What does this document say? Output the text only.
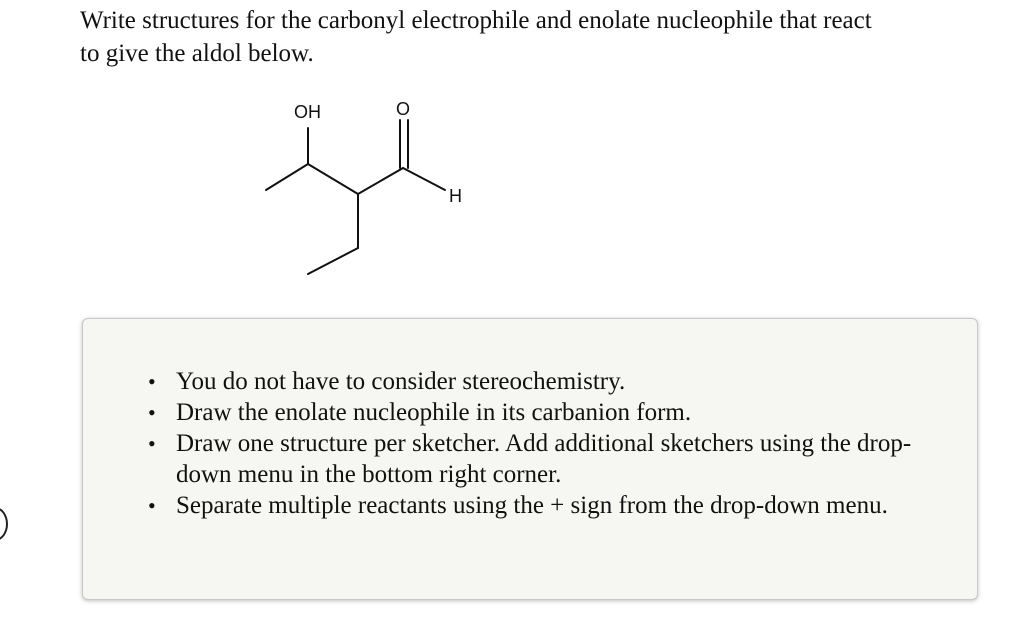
Write structures for the carbonyl electrophile and enolate nucleophile that react
to give the aldol below.
OH	O
H
• You do not have to consider stereochemistry.
• Draw the enolate nucleophile in its carbanion form.
• Draw one structure per sketcher. Add additional sketchers using the drop-down menu in the bottom right corner.
• Separate multiple reactants using the + sign from the drop-down menu.
